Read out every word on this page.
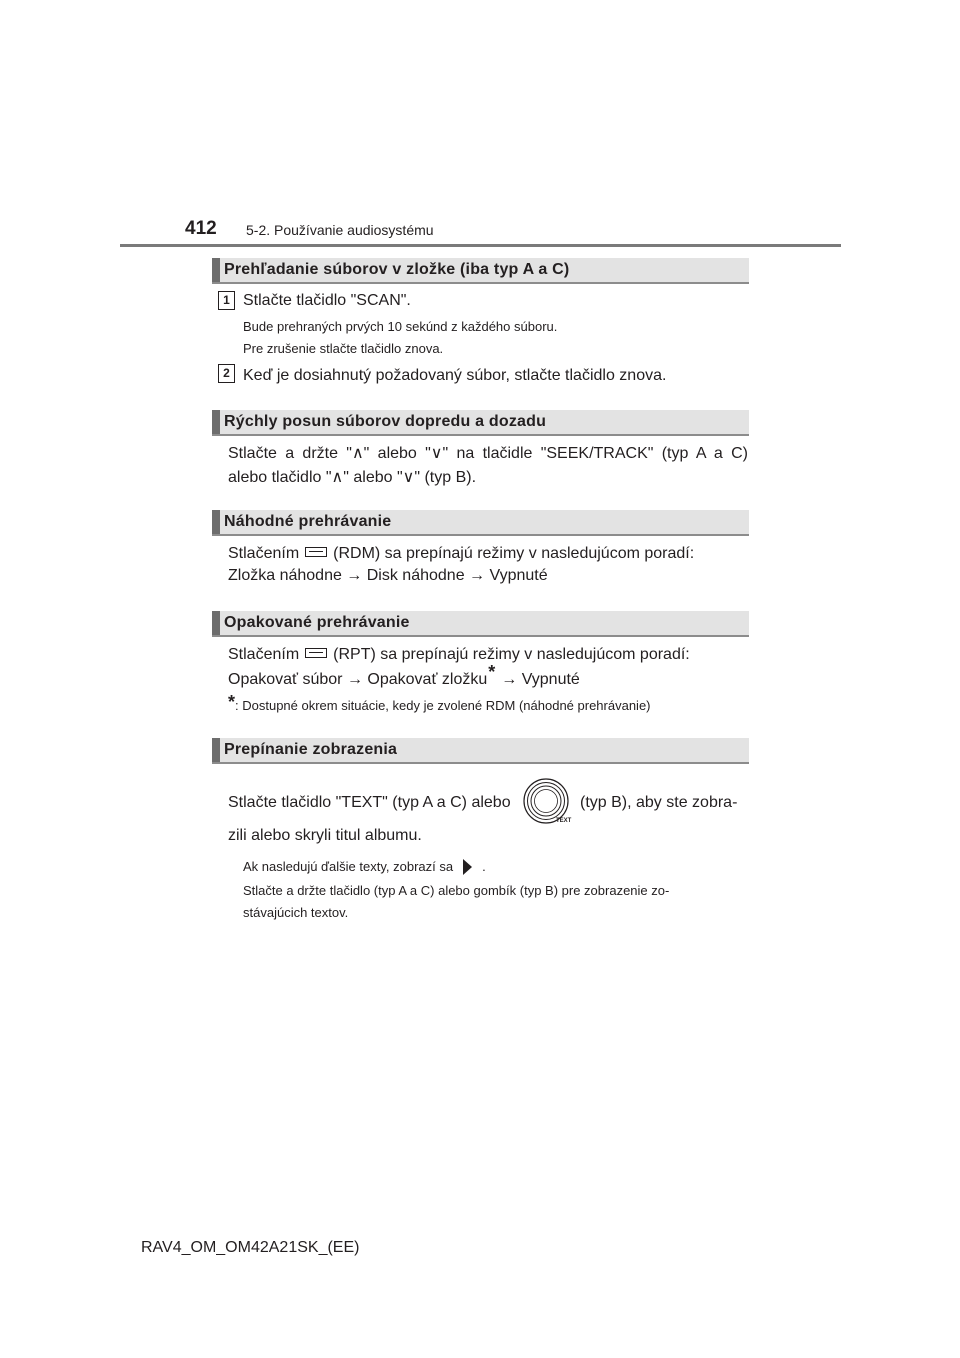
412 5-2. Používanie audiosystému
Prehľadanie súborov v zložke (iba typ A a C)
1 Stlačte tlačidlo "SCAN".
Bude prehraných prvých 10 sekúnd z každého súboru.
Pre zrušenie stlačte tlačidlo znova.
2 Keď je dosiahnutý požadovaný súbor, stlačte tlačidlo znova.
Rýchly posun súborov dopredu a dozadu
Stlačte a držte "∧" alebo "∨" na tlačidle "SEEK/TRACK" (typ A a C)
alebo tlačidlo "∧" alebo "∨" (typ B).
Náhodné prehrávanie
Stlačením (RDM) sa prepínajú režimy v nasledujúcom poradí:
Zložka náhodne → Disk náhodne → Vypnuté
Opakované prehrávanie
Stlačením (RPT) sa prepínajú režimy v nasledujúcom poradí:
Opakovať súbor → Opakovať zložku* → Vypnuté
*: Dostupné okrem situácie, kedy je zvolené RDM (náhodné prehrávanie)
Prepínanie zobrazenia
Stlačte tlačidlo "TEXT" (typ A a C) alebo
TEXT
(typ B), aby ste zobra-
zili alebo skryli titul albumu.
Ak nasledujú ďalšie texty, zobrazí sa .
Stlačte a držte tlačidlo (typ A a C) alebo gombík (typ B) pre zobrazenie zo-
stávajúcich textov.
RAV4_OM_OM42A21SK_(EE)
